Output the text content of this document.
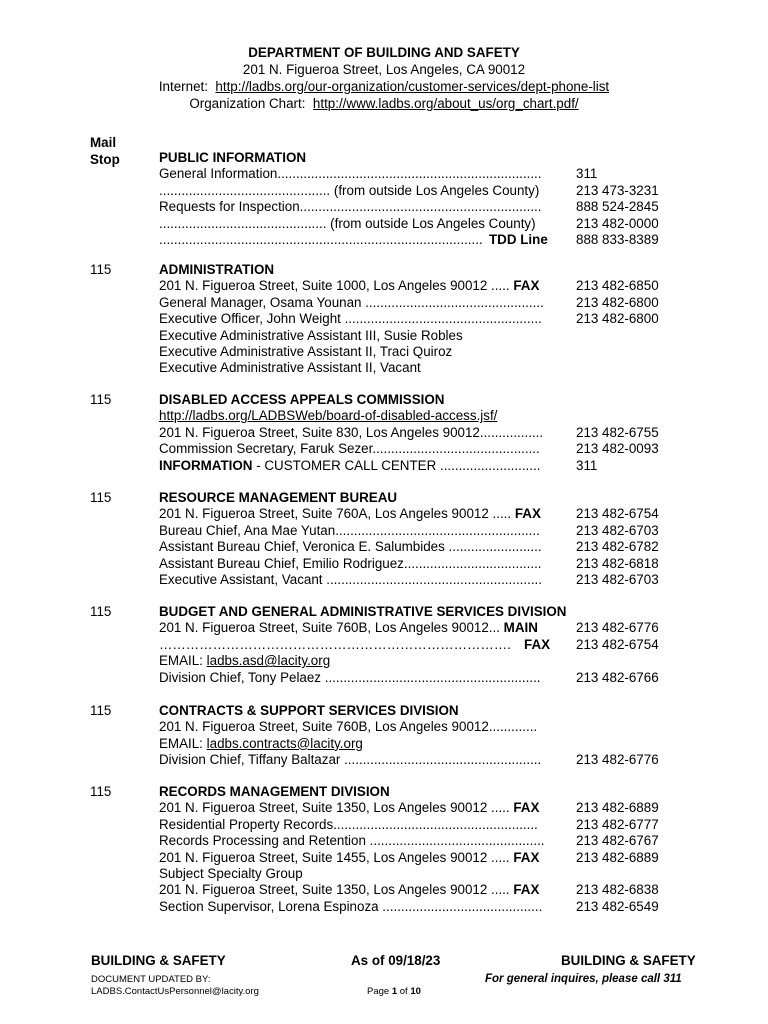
DEPARTMENT OF BUILDING AND SAFETY
201 N. Figueroa Street, Los Angeles, CA 90012
Internet: http://ladbs.org/our-organization/customer-services/dept-phone-list
Organization Chart: http://www.ladbs.org/about_us/org_chart.pdf/
Mail
Stop	PUBLIC INFORMATION
General Information.......................................................................	311
.............................................. (from outside Los Angeles County)	213 473-3231
Requests for Inspection.................................................................	888 524-2845
............................................. (from outside Los Angeles County)	213 482-0000
....................................................................................... TDD Line	888 833-8389
115	ADMINISTRATION
201 N. Figueroa Street, Suite 1000, Los Angeles 90012 ..... FAX	213 482-6850
General Manager, Osama Younan ................................................	213 482-6800
Executive Officer, John Weight .....................................................	213 482-6800
Executive Administrative Assistant III, Susie Robles
Executive Administrative Assistant II, Traci Quiroz
Executive Administrative Assistant II, Vacant
115	DISABLED ACCESS APPEALS COMMISSION
http://ladbs.org/LADBSWeb/board-of-disabled-access.jsf/
201 N. Figueroa Street, Suite 830, Los Angeles 90012.................	213 482-6755
Commission Secretary, Faruk Sezer.............................................	213 482-0093
INFORMATION - CUSTOMER CALL CENTER ...........................	311
115	RESOURCE MANAGEMENT BUREAU
201 N. Figueroa Street, Suite 760A, Los Angeles 90012 ..... FAX	213 482-6754
Bureau Chief, Ana Mae Yutan.......................................................	213 482-6703
Assistant Bureau Chief, Veronica E. Salumbides .........................	213 482-6782
Assistant Bureau Chief, Emilio Rodriguez.....................................	213 482-6818
Executive Assistant, Vacant ..........................................................	213 482-6703
115	BUDGET AND GENERAL ADMINISTRATIVE SERVICES DIVISION
201 N. Figueroa Street, Suite 760B, Los Angeles 90012... MAIN	213 482-6776
……………………………………………………………………. FAX 213 482-6754
EMAIL: ladbs.asd@lacity.org
Division Chief, Tony Pelaez ..........................................................	213 482-6766
115	CONTRACTS & SUPPORT SERVICES DIVISION
201 N. Figueroa Street, Suite 760B, Los Angeles 90012.............
EMAIL: ladbs.contracts@lacity.org
Division Chief, Tiffany Baltazar .....................................................	213 482-6776
115	RECORDS MANAGEMENT DIVISION
201 N. Figueroa Street, Suite 1350, Los Angeles 90012 ..... FAX	213 482-6889
Residential Property Records.......................................................	213 482-6777
Records Processing and Retention ...............................................	213 482-6767
201 N. Figueroa Street, Suite 1455, Los Angeles 90012 ..... FAX	213 482-6889
Subject Specialty Group
201 N. Figueroa Street, Suite 1350, Los Angeles 90012 ..... FAX	213 482-6838
Section Supervisor, Lorena Espinoza ...........................................	213 482-6549
BUILDING & SAFETY	As of 09/18/23	BUILDING & SAFETY
DOCUMENT UPDATED BY:
LADBS.ContactUsPersonnel@lacity.org	Page 1 of 10
For general inquires, please call 311
